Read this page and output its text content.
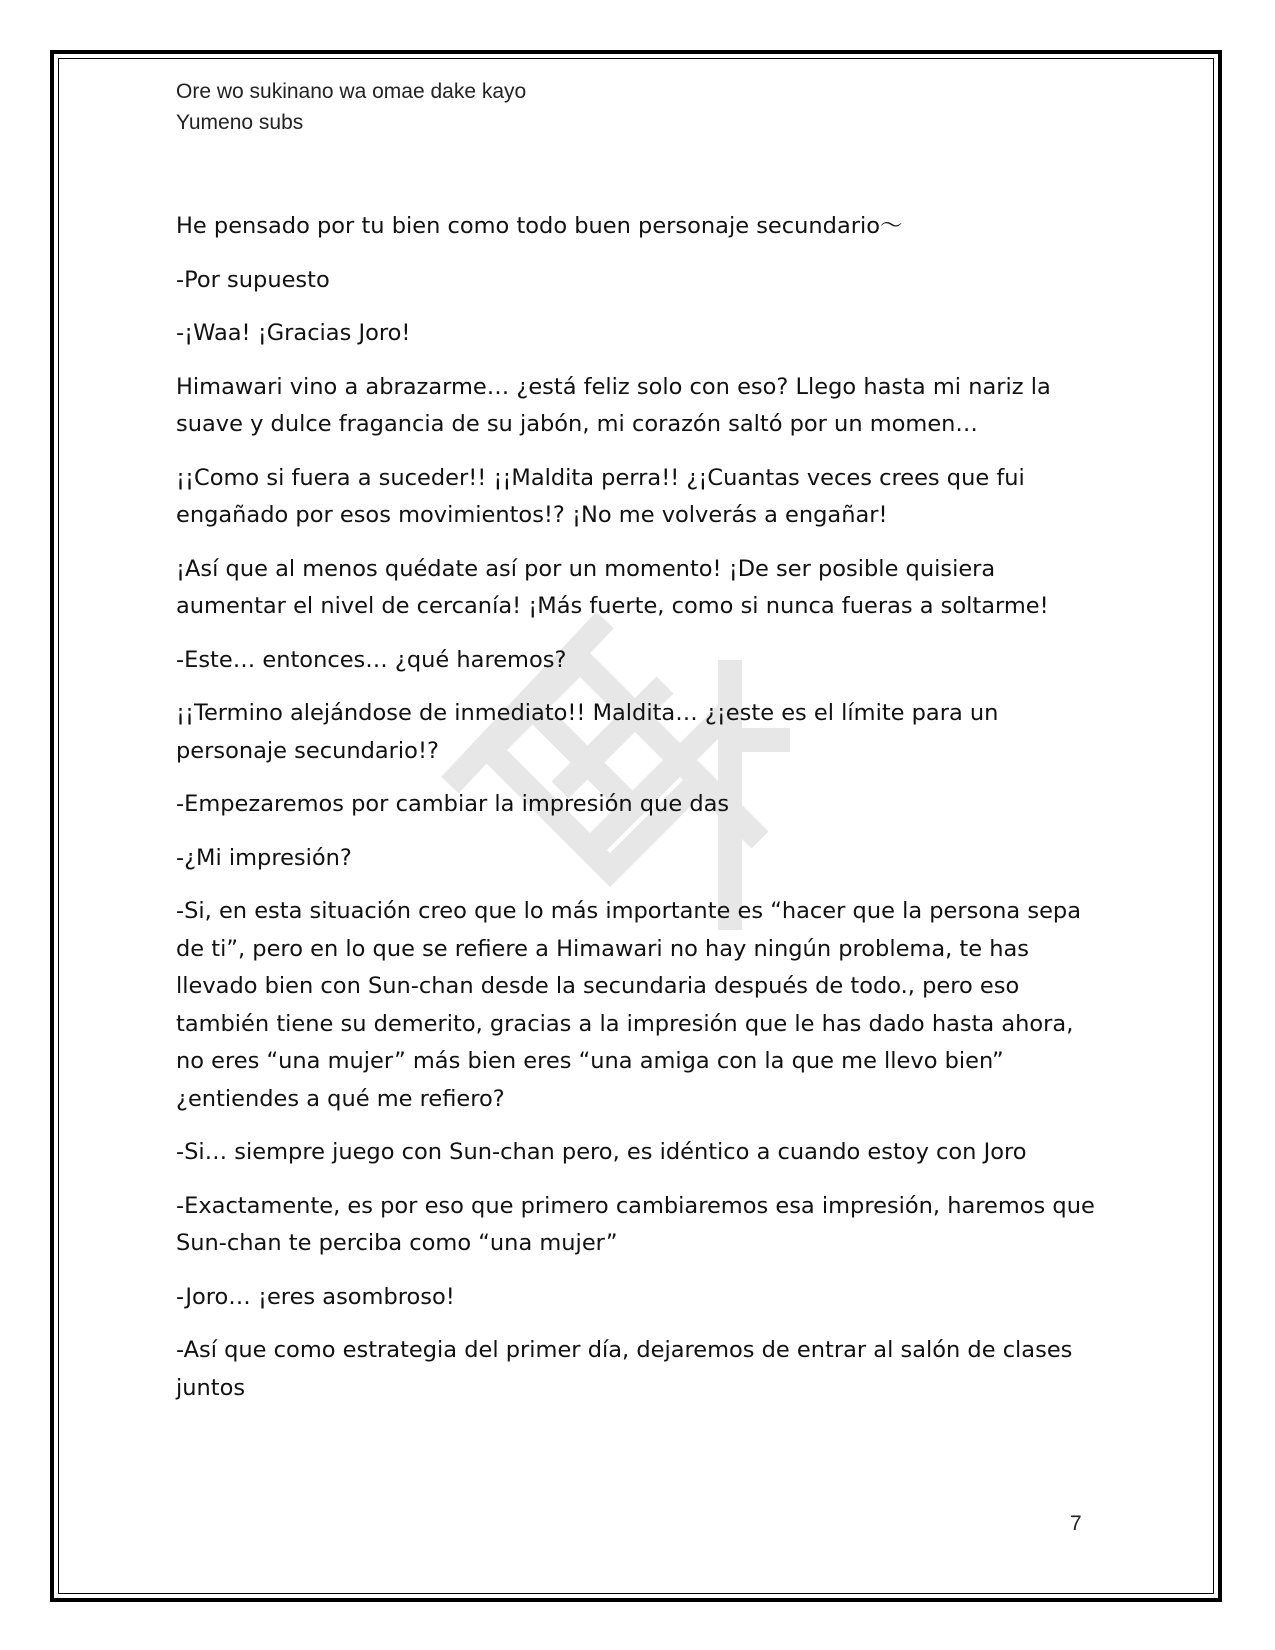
Ore wo sukinano wa omae dake kayo
Yumeno subs

He pensado por tu bien como todo buen personaje secundario～

-Por supuesto

-¡Waa! ¡Gracias Joro!

Himawari vino a abrazarme… ¿está feliz solo con eso? Llego hasta mi nariz la suave y dulce fragancia de su jabón, mi corazón saltó por un momen…

¡¡Como si fuera a suceder!! ¡¡Maldita perra!! ¿¡Cuantas veces crees que fui engañado por esos movimientos!? ¡No me volverás a engañar!

¡Así que al menos quédate así por un momento! ¡De ser posible quisiera aumentar el nivel de cercanía! ¡Más fuerte, como si nunca fueras a soltarme!

-Este… entonces… ¿qué haremos?

¡¡Termino alejándose de inmediato!! Maldita… ¿¡este es el límite para un personaje secundario!?

-Empezaremos por cambiar la impresión que das

-¿Mi impresión?

-Si, en esta situación creo que lo más importante es “hacer que la persona sepa de ti”, pero en lo que se refiere a Himawari no hay ningún problema, te has llevado bien con Sun-chan desde la secundaria después de todo., pero eso también tiene su demerito, gracias a la impresión que le has dado hasta ahora, no eres “una mujer” más bien eres “una amiga con la que me llevo bien” ¿entiendes a qué me refiero?

-Si… siempre juego con Sun-chan pero, es idéntico a cuando estoy con Joro

-Exactamente, es por eso que primero cambiaremos esa impresión, haremos que Sun-chan te perciba como “una mujer”

-Joro… ¡eres asombroso!

-Así que como estrategia del primer día, dejaremos de entrar al salón de clases juntos

7
